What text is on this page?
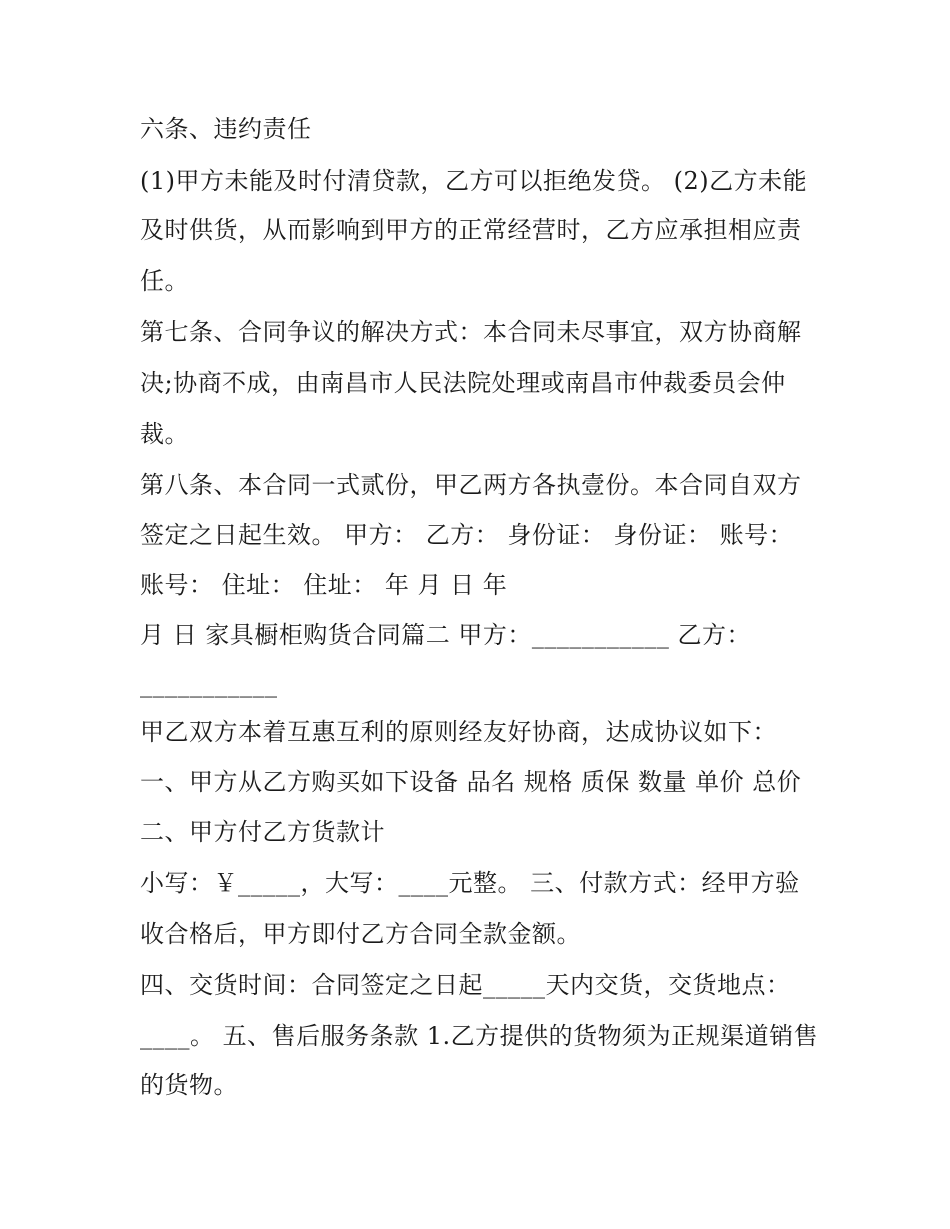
六条、违约责任
(1)甲方未能及时付清贷款，乙方可以拒绝发贷。 (2)乙方未能
及时供货，从而影响到甲方的正常经营时，乙方应承担相应责
任。
第七条、合同争议的解决方式：本合同未尽事宜，双方协商解
决;协商不成，由南昌市人民法院处理或南昌市仲裁委员会仲
裁。
第八条、本合同一式贰份，甲乙两方各执壹份。本合同自双方
签定之日起生效。 甲方： 乙方： 身份证： 身份证： 账号：
账号： 住址： 住址： 年 月 日 年
月 日 家具橱柜购货合同篇二 甲方：___________ 乙方：
___________
甲乙双方本着互惠互利的原则经友好协商，达成协议如下：
一、甲方从乙方购买如下设备 品名 规格 质保 数量 单价 总价
二、甲方付乙方货款计
小写：￥_____，大写：____元整。 三、付款方式：经甲方验
收合格后，甲方即付乙方合同全款金额。
四、交货时间：合同签定之日起_____天内交货，交货地点：
____。 五、售后服务条款 1.乙方提供的货物须为正规渠道销售
的货物。
